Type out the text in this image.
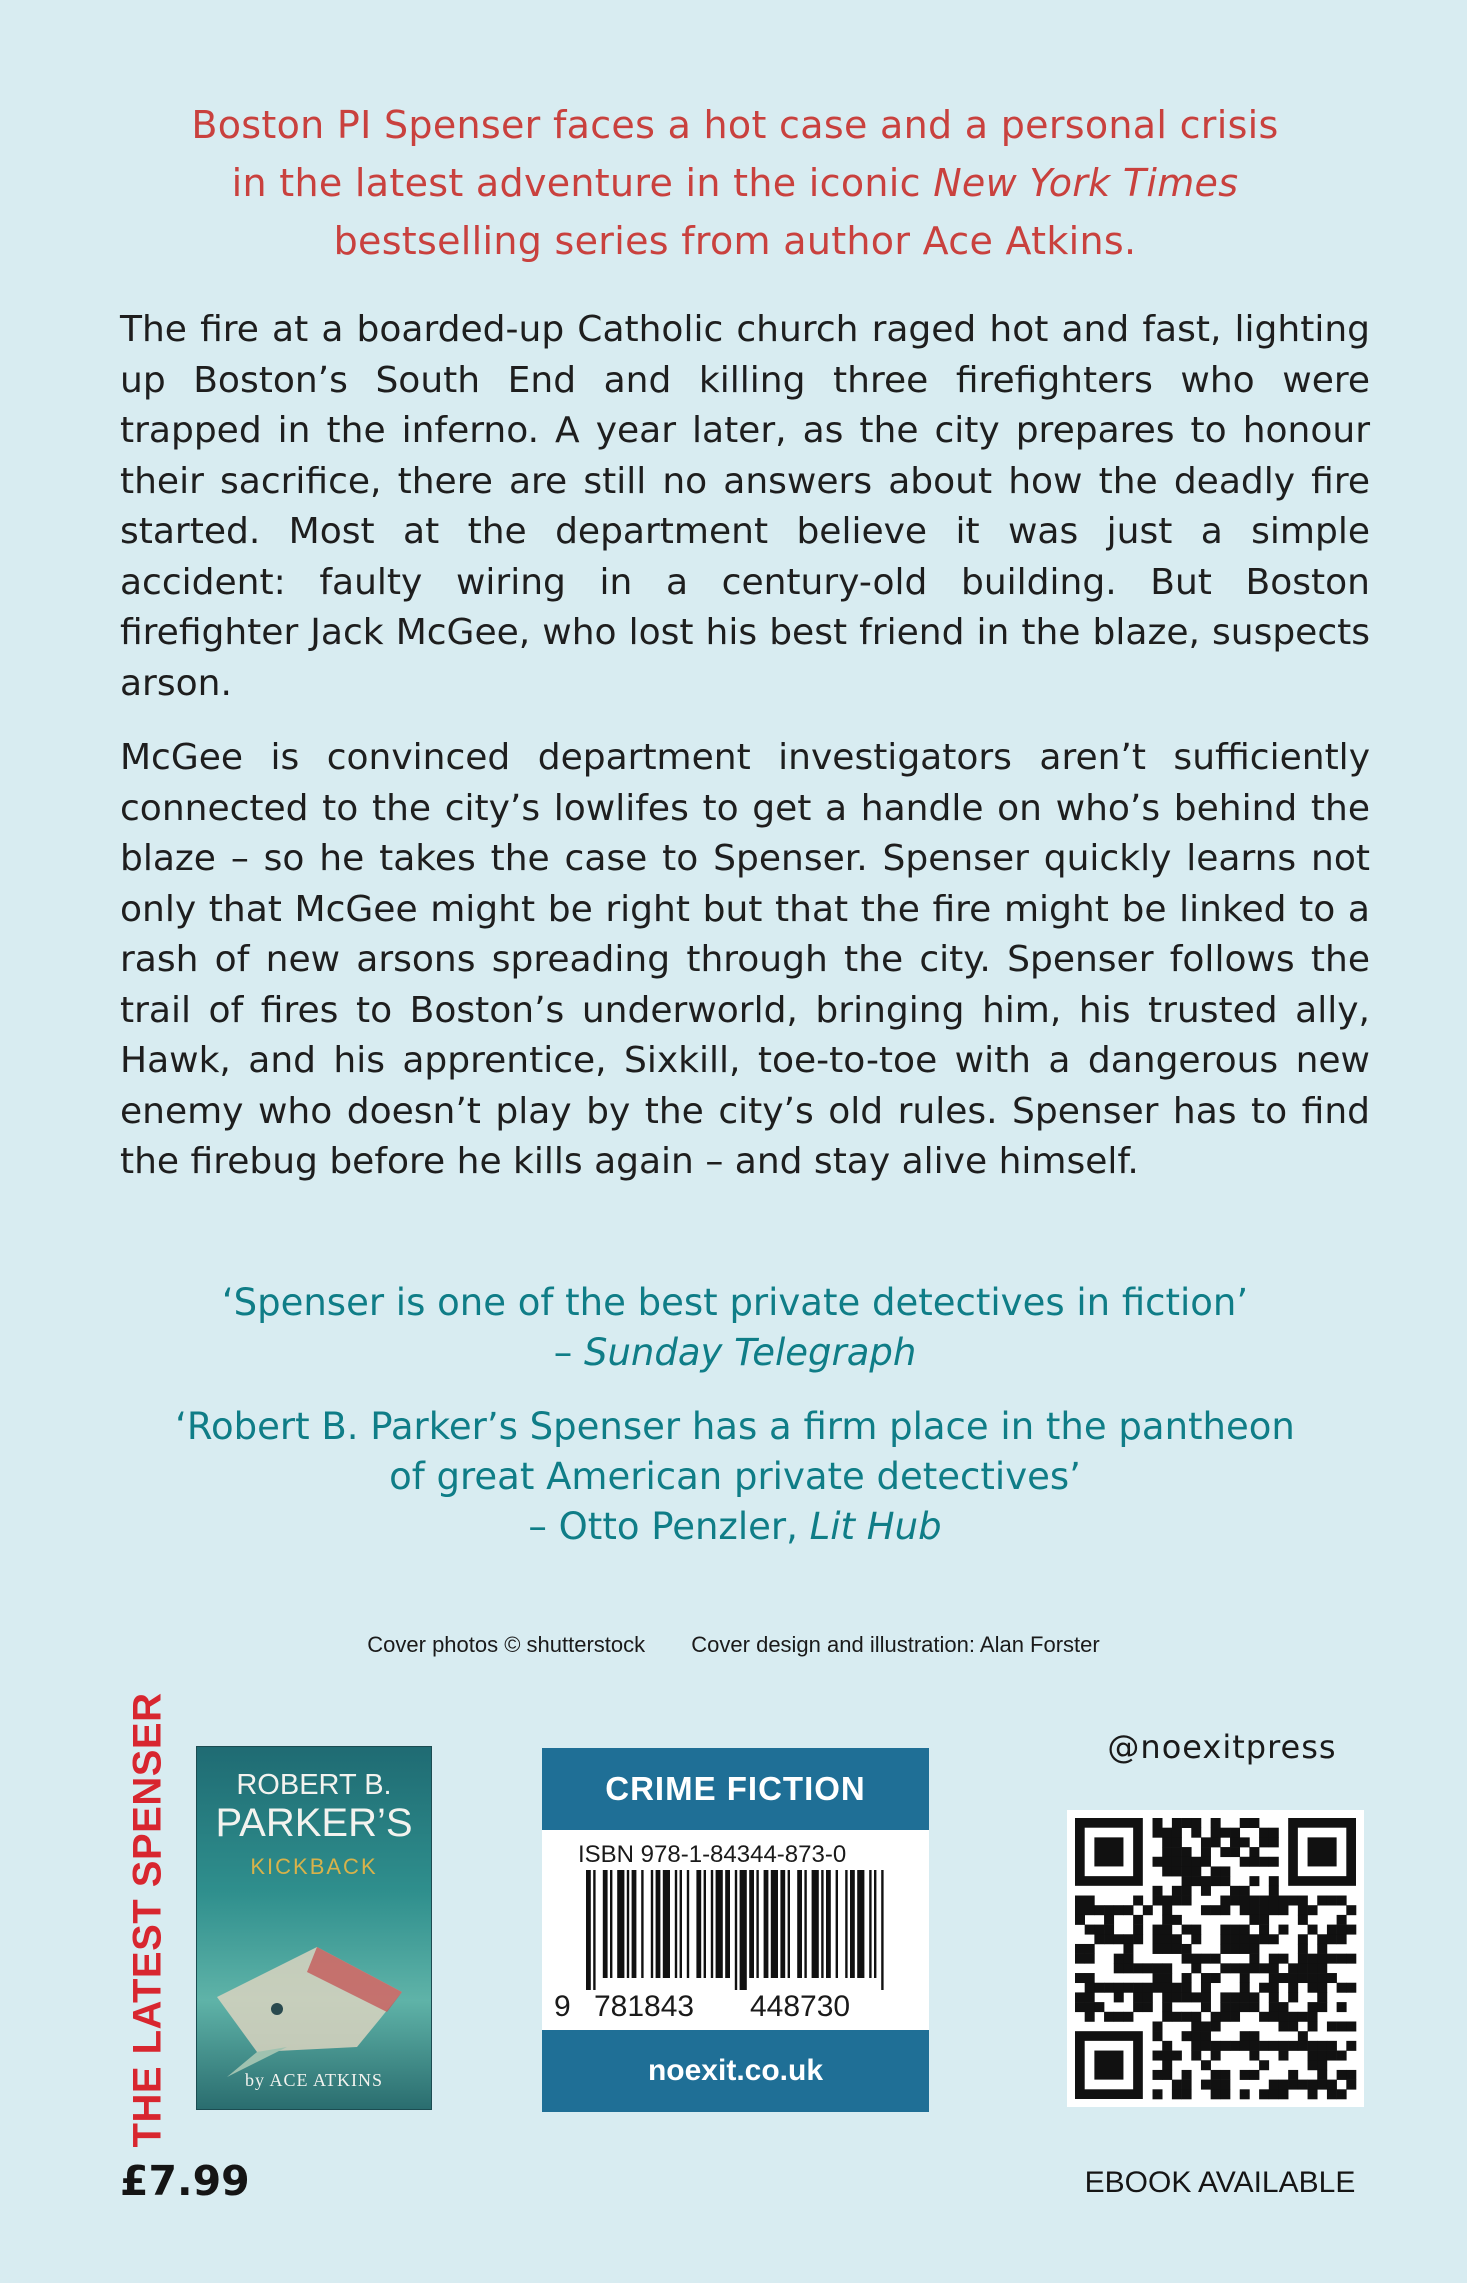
Boston PI Spenser faces a hot case and a personal crisis
in the latest adventure in the iconic New York Times
bestselling series from author Ace Atkins.

The fire at a boarded-up Catholic church raged hot and fast, lighting up Boston’s South End and killing three firefighters who were trapped in the inferno. A year later, as the city prepares to honour their sacrifice, there are still no answers about how the deadly fire started. Most at the department believe it was just a simple accident: faulty wiring in a century-old building. But Boston firefighter Jack McGee, who lost his best friend in the blaze, suspects arson.

McGee is convinced department investigators aren’t sufficiently connected to the city’s lowlifes to get a handle on who’s behind the blaze – so he takes the case to Spenser. Spenser quickly learns not only that McGee might be right but that the fire might be linked to a rash of new arsons spreading through the city. Spenser follows the trail of fires to Boston’s underworld, bringing him, his trusted ally, Hawk, and his apprentice, Sixkill, toe-to-toe with a dangerous new enemy who doesn’t play by the city’s old rules. Spenser has to find the firebug before he kills again – and stay alive himself.

‘Spenser is one of the best private detectives in fiction’
– Sunday Telegraph
‘Robert B. Parker’s Spenser has a firm place in the pantheon
of great American private detectives’
– Otto Penzler, Lit Hub
Cover photos © shutterstock Cover design and illustration: Alan Forster
THE LATEST SPENSER	ROBERT B.
PARKER’S
KICKBACK
by ACE ATKINS
CRIME FICTION
ISBN 978-1-84344-873-0
9 781843 448730
noexit.co.uk
@noexitpress
£7.99	EBOOK AVAILABLE
